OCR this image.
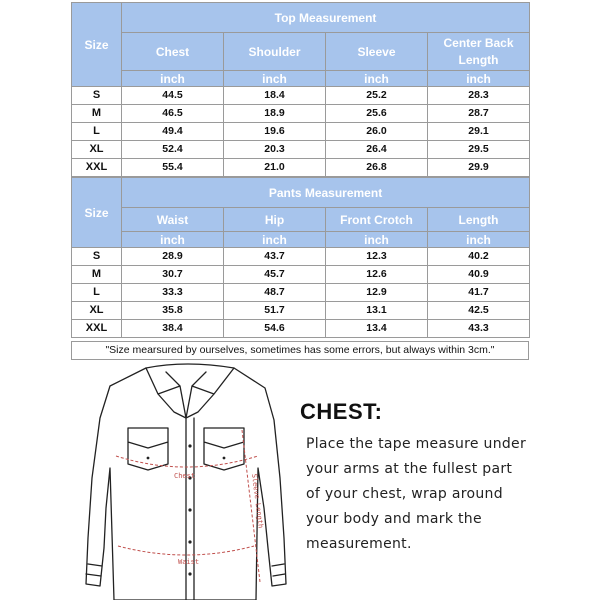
Size	Top Measurement			
	Chest	Shoulder	Sleeve	Center Back Length
	inch	inch	inch	inch
S	44.5	18.4	25.2	28.3
M	46.5	18.9	25.6	28.7
L	49.4	19.6	26.0	29.1
XL	52.4	20.3	26.4	29.5
XXL	55.4	21.0	26.8	29.9
Size	Pants Measurement			
	Waist	Hip	Front Crotch	Length
	inch	inch	inch	inch
S	28.9	43.7	12.3	40.2
M	30.7	45.7	12.6	40.9
L	33.3	48.7	12.9	41.7
XL	35.8	51.7	13.1	42.5
XXL	38.4	54.6	13.4	43.3
"Size mearsured by ourselves, sometimes has some errors, but always within 3cm."
Chest	Sleeve Length
Waist
CHEST:
Place the tape measure under
your arms at the fullest part
of your chest, wrap around
your body and mark the
measurement.
